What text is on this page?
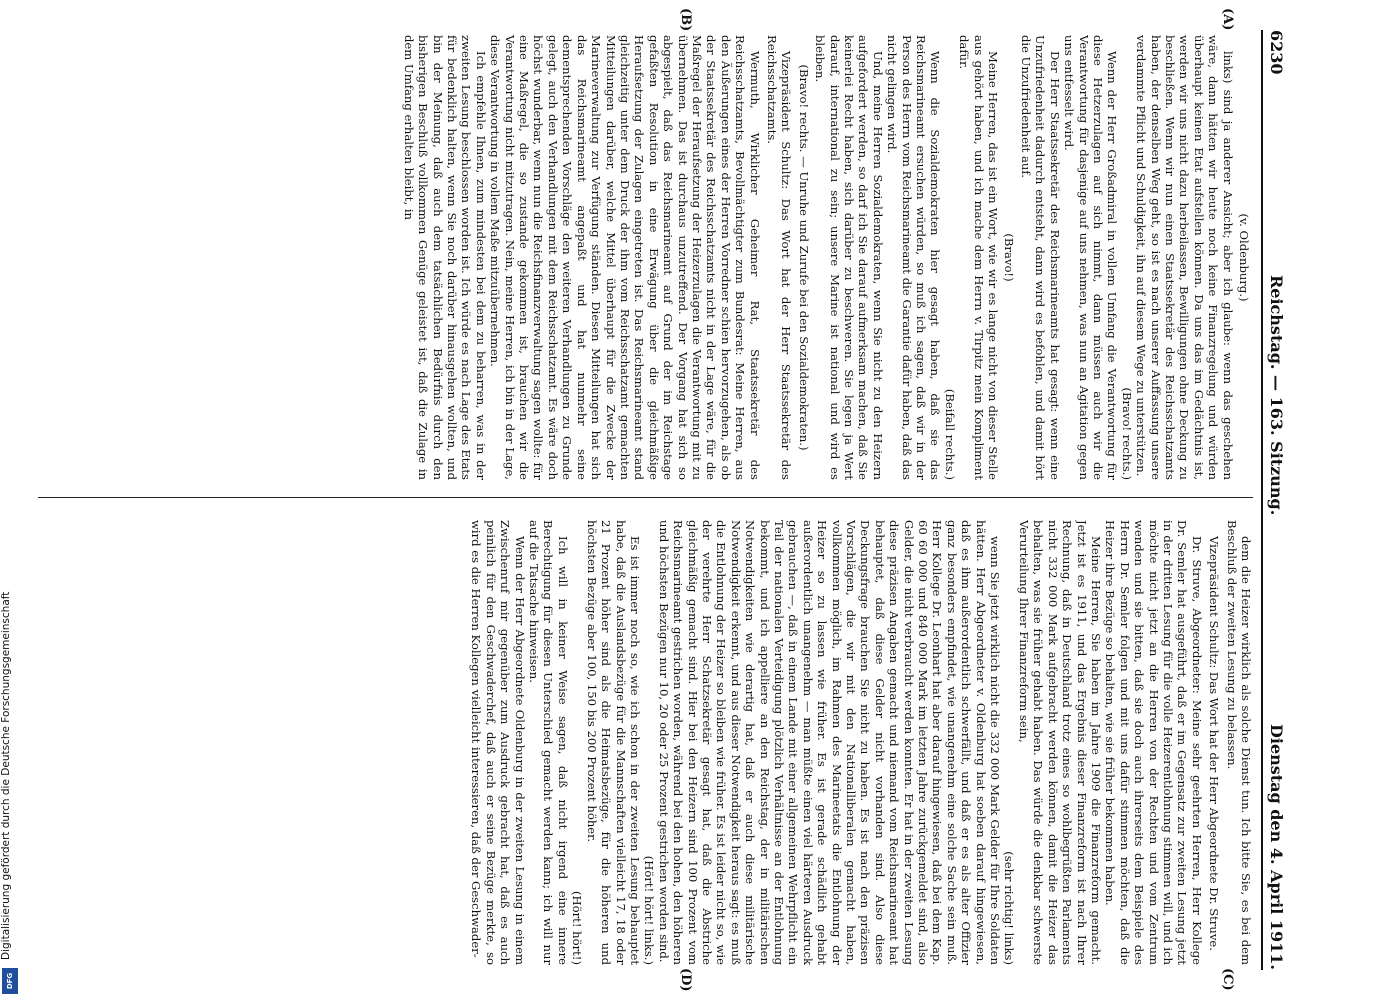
6230
Reichstag. — 163. Sitzung.
Dienstag den 4. April 1911.
(A)
(B)
(C)
(D)
(v. Oldenburg.)

links) sind ja anderer Ansicht; aber ich glaube: wenn das geschehen wäre, dann hätten wir heute noch keine Finanzregelung und würden überhaupt keinen Etat aufstellen können. Da uns das im Gedächtnis ist, werden wir uns nicht dazu herbeilassen, Bewilligungen ohne Deckung zu beschließen. Wenn wir nun einen Staatssekretär des Reichsschatzamts haben, der denselben Weg geht, so ist es nach unserer Auffassung unsere verdammte Pflicht und Schuldigkeit, ihn auf diesem Wege zu unterstützen.

(Bravo! rechts.)

Wenn der Herr Großadmiral in vollem Umfang die Verantwortung für diese Hetzerzulagen auf sich nimmt, dann müssen auch wir die Verantwortung für dasjenige auf uns nehmen, was nun an Agitation gegen uns entfesselt wird.

Der Herr Staatssekretär des Reichsmarineamts hat gesagt: wenn eine Unzufriedenheit dadurch entsteht, dann wird es befohlen, und damit hört die Unzufriedenheit auf.

(Bravo!)

Meine Herren, das ist ein Wort, wie wir es lange nicht von dieser Stelle aus gehört haben, und ich mache dem Herrn v. Tirpitz mein Kompliment dafür.

(Beifall rechts.)

Wenn die Sozialdemokraten hier gesagt haben, daß sie das Reichsmarineamt ersuchen würden, so muß ich sagen, daß wir in der Person des Herrn vom Reichsmarineamt die Garantie dafür haben, daß das nicht gelingen wird.

Und, meine Herren Sozialdemokraten, wenn Sie nicht zu den Heizern aufgefordert werden, so darf ich Sie darauf aufmerksam machen, daß Sie keinerlei Recht haben, sich darüber zu beschweren. Sie legen ja Wert darauf, international zu sein; unsere Marine ist national und wird es bleiben.

(Bravo! rechts. — Unruhe und Zurufe bei den Sozialdemokraten.)

Vizepräsident Schultz: Das Wort hat der Herr Staatssekretär des Reichsschatzamts.

Wermuth, Wirklicher Geheimer Rat, Staatssekretär des Reichsschatzamts, Bevollmächtigter zum Bundesrat: Meine Herren, aus den Äußerungen eines der Herren Vorredner schien hervorzugehen, als ob der Staatssekretär des Reichsschatzamts nicht in der Lage wäre, für die Maßregel der Heraufsetzung der Heizerzulagen die Verantwortung mit zu übernehmen. Das ist durchaus unzutreffend. Der Vorgang hat sich so abgespielt, daß das Reichsmarineamt auf Grund der im Reichstage gefaßten Resolution in eine Erwägung über die gleichmäßige Heraufsetzung der Zulagen eingetreten ist. Das Reichsmarineamt stand gleichzeitig unter dem Druck der ihm vom Reichsschatzamt gemachten Mitteilungen darüber, welche Mittel überhaupt für die Zwecke der Marineverwaltung zur Verfügung ständen. Diesen Mitteilungen hat sich das Reichsmarineamt angepaßt und hat nunmehr seine dementsprechenden Vorschläge den weiteren Verhandlungen zu Grunde gelegt, auch den Verhandlungen mit dem Reichsschatzamt. Es wäre doch höchst wunderbar, wenn nun die Reichsfinanzverwaltung sagen wollte: für eine Maßregel, die so zustande gekommen ist, brauchen wir die Verantwortung nicht mitzutragen. Nein, meine Herren, ich bin in der Lage, diese Verantwortung in vollem Maße mitzuübernehmen.

Ich empfehle Ihnen, zum mindesten bei dem zu beharren, was in der zweiten Lesung beschlossen worden ist. Ich würde es nach Lage des Etats für bedenklich halten, wenn Sie noch darüber hinausgehen wollten, und bin der Meinung, daß auch dem tatsächlichen Bedürfnis durch den bisherigen Beschluß vollkommen Genüge geleistet ist, daß die Zulage in dem Umfang erhalten bleibt, in

dem die Heizer wirklich als solche Dienst tun. Ich bitte Sie, es bei dem Beschluß der zweiten Lesung zu belassen.

Vizepräsident Schultz: Das Wort hat der Herr Abgeordnete Dr. Struve.

Dr. Struve, Abgeordneter: Meine sehr geehrten Herren, Herr Kollege Dr. Semler hat ausgeführt, daß er im Gegensatz zur zweiten Lesung jetzt in der dritten Lesung für die volle Heizerentlohnung stimmen will, und ich möchte nicht jetzt an die Herren von der Rechten und vom Zentrum wenden und sie bitten, daß sie doch auch ihrerseits dem Beispiele des Herrn Dr. Semler folgen und mit uns dafür stimmen möchten, daß die Heizer ihre Bezüge so behalten, wie sie früher bekommen haben.

Meine Herren, Sie haben im Jahre 1909 die Finanzreform gemacht. Jetzt ist es 1911, und das Ergebnis dieser Finanzreform ist nach Ihrer Rechnung, daß in Deutschland trotz eines so wohlbegrüßten Parlaments nicht 332 000 Mark aufgebracht werden können, damit die Heizer das behalten, was sie früher gehabt haben. Das würde die denkbar schwerste Verurteilung Ihrer Finanzreform sein,

(sehr richtig! links)

wenn Sie jetzt wirklich nicht die 332 000 Mark Gelder für Ihre Soldaten hätten. Herr Abgeordneter v. Oldenburg hat soeben darauf hingewiesen, daß es ihm außerordentlich schwerfällt, und daß er es als alter Offizier ganz besonders empfindet, wie unangenehm eine solche Sache sein muß. Herr Kollege Dr. Leonhart hat aber darauf hingewiesen, daß bei dem Kap. 60 60 000 und 840 000 Mark im letzten Jahre zurückgemeldet sind, also Gelder, die nicht verbraucht werden konnten. Er hat in der zweiten Lesung diese präzisen Angaben gemacht und niemand vom Reichsmarineamt hat behauptet, daß diese Gelder nicht vorhanden sind. Also diese Deckungsfrage brauchen Sie nicht zu haben. Es ist nach den präzisen Vorschlägen, die wir mit den Nationalliberalen gemacht haben, vollkommen möglich, im Rahmen des Marineetats die Entlohnung der Heizer so zu lassen wie früher. Es ist gerade schädlich gehabt außerordentlich unangenehm — man müßte einen viel härteren Ausdruck gebrauchen —, daß in einem Lande mit einer allgemeinen Wehrpflicht ein Teil der nationalen Verteidigung plötzlich Verhältnisse an der Entlohnung bekommt, und ich appelliere an den Reichstag, der in militärischen Notwendigkeiten wie derartig hat, daß er auch diese militärische Notwendigkeit erkennt, und aus dieser Notwendigkeit heraus sagt: es muß die Entlohnung der Heizer so bleiben wie früher. Es ist leider nicht so, wie der verehrte Herr Schatzsekretär gesagt hat, daß die Abstriche gleichmäßig gemacht sind. Hier bei den Heizern sind 100 Prozent vom Reichsmarineamt gestrichen worden, während bei den hohen, den höheren und höchsten Bezügen nur 10, 20 oder 25 Prozent gestrichen worden sind.

(Hört! hört! links.)

Es ist immer noch so, wie ich schon in der zweiten Lesung behauptet habe, daß die Auslandsbezüge für die Mannschaften vielleicht 17, 18 oder 21 Prozent höher sind als die Heimatsbezüge, für die höheren und höchsten Bezüge aber 100, 150 bis 200 Prozent höher.

(Hört! hört!)

Ich will in keiner Weise sagen, daß nicht irgend eine innere Berechtigung für diesen Unterschied gemacht werden kann; ich will nur auf die Tatsache hinweisen.

Wenn der Herr Abgeordnete Oldenburg in der zweiten Lesung in einem Zwischenruf mir gegenüber zum Ausdruck gebracht hat, daß es auch peinlich für den Geschwaderchef, daß auch er seine Bezüge merkte, so wird es die Herren Kollegen vielleicht interessieren, daß der Geschwader-

Digitalisierung gefördert durch die Deutsche Forschungsgemeinschaft
DFG
